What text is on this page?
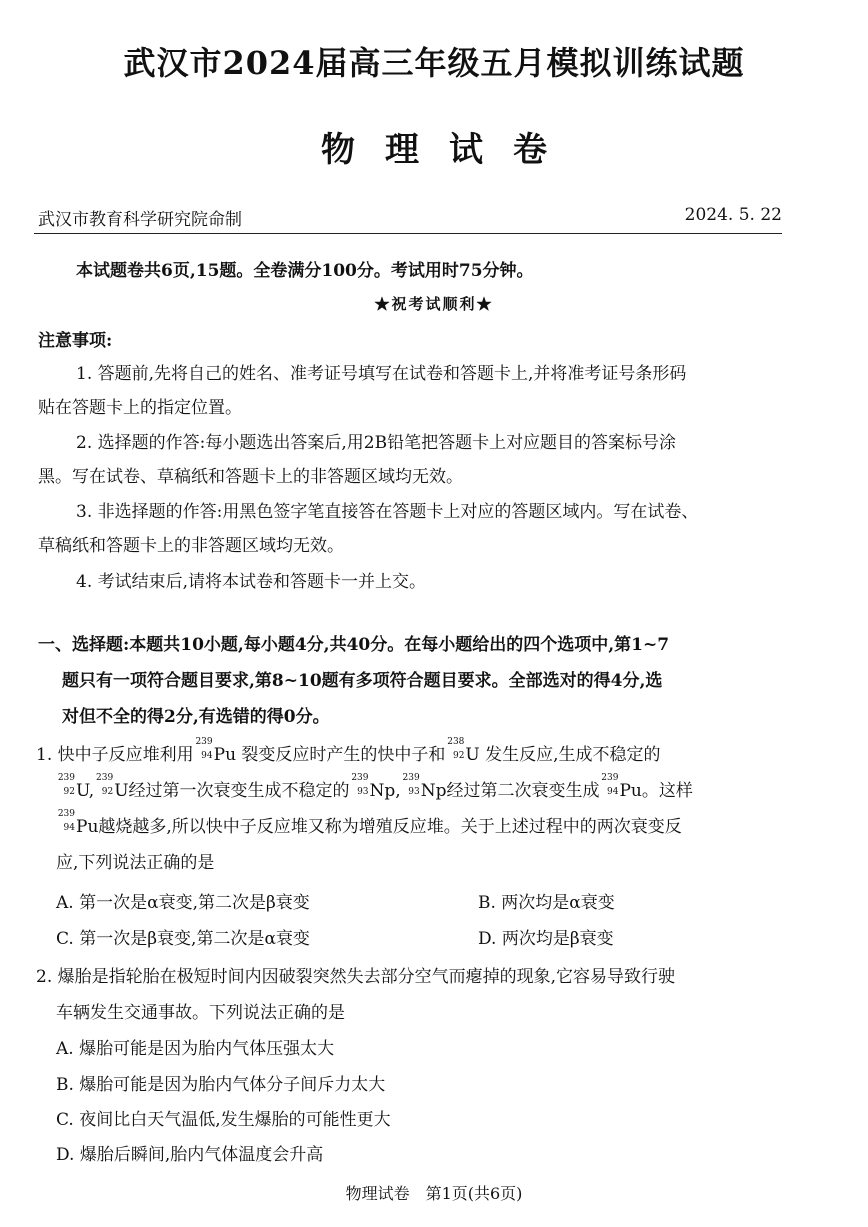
武汉市2024届高三年级五月模拟训练试题
物理试卷
武汉市教育科学研究院命制	2024. 5. 22
本试题卷共6页,15题。全卷满分100分。考试用时75分钟。
★祝考试顺利★
注意事项:
1. 答题前,先将自己的姓名、准考证号填写在试卷和答题卡上,并将准考证号条形码
贴在答题卡上的指定位置。
2. 选择题的作答:每小题选出答案后,用2B铅笔把答题卡上对应题目的答案标号涂
黑。写在试卷、草稿纸和答题卡上的非答题区域均无效。
3. 非选择题的作答:用黑色签字笔直接答在答题卡上对应的答题区域内。写在试卷、
草稿纸和答题卡上的非答题区域均无效。
4. 考试结束后,请将本试卷和答题卡一并上交。
一、选择题:本题共10小题,每小题4分,共40分。在每小题给出的四个选项中,第1~7
题只有一项符合题目要求,第8~10题有多项符合题目要求。全部选对的得4分,选
对但不全的得2分,有选错的得0分。
1. 快中子反应堆利用
239
94 Pu 裂变反应时产生的快中子和
238
92 U 发生反应,生成不稳定的
239
92 U,
239
92 U经过第一次衰变生成不稳定的
239
93 Np,
239
93 Np经过第二次衰变生成
239
94 Pu。这样
239
94 Pu越烧越多,所以快中子反应堆又称为增殖反应堆。关于上述过程中的两次衰变反
应,下列说法正确的是
A. 第一次是α衰变,第二次是β衰变	B. 两次均是α衰变
C. 第一次是β衰变,第二次是α衰变	D. 两次均是β衰变
2. 爆胎是指轮胎在极短时间内因破裂突然失去部分空气而瘪掉的现象,它容易导致行驶
车辆发生交通事故。下列说法正确的是
A. 爆胎可能是因为胎内气体压强太大
B. 爆胎可能是因为胎内气体分子间斥力太大
C. 夜间比白天气温低,发生爆胎的可能性更大
D. 爆胎后瞬间,胎内气体温度会升高
物理试卷　第1页(共6页)
